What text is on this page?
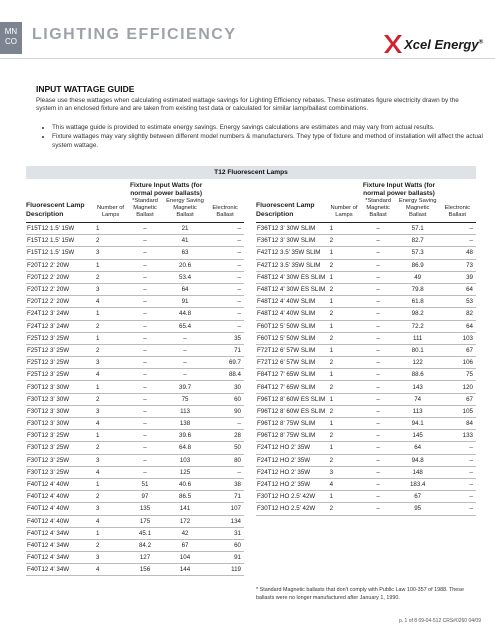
MN
CO LIGHTING EFFICIENCY
Xcel Energy®
INPUT WATTAGE GUIDE
Please use these wattages when calculating estimated wattage savings for Lighting Efficiency rebates. These estimates figure electricity drawn by the system in an enclosed fixture and are taken from existing test data or calculated for similar lamp/ballast combinations.
• This wattage guide is provided to estimate energy savings. Energy savings calculations are estimates and may vary from actual results.
• Fixture wattages may vary slightly between different model numbers & manufacturers. They type of fixture and method of installation will affect the actual system wattage.
T12 Fluorescent Lamps
		Fixture Input Watts (for normal power ballasts)		
Fluorescent Lamp Description	Number of Lamps	*Standard Magnetic Ballast	Energy Saving Magnetic Ballast	Electronic Ballast
F15T12 1.5' 15W	1	–	21	–
F15T12 1.5' 15W	2	–	41	–
F15T12 1.5' 15W	3	–	63	–
F20T12 2' 20W	1	–	20.6	–
F20T12 2' 20W	2	–	53.4	–
F20T12 2' 20W	3	–	64	–
F20T12 2' 20W	4	–	91	–
F24T12 3' 24W	1	–	44.8	–
F24T12 3' 24W	2	–	65.4	–
F25T12 3' 25W	1	–	–	35
F25T12 3' 25W	2	–	–	71
F25T12 3' 25W	3	–	–	69.7
F25T12 3' 25W	4	–	–	88.4
F30T12 3' 30W	1	–	39.7	30
F30T12 3' 30W	2	–	75	60
F30T12 3' 30W	3	–	113	90
F30T12 3' 30W	4	–	138	–
F30T12 3' 25W	1	–	39.6	28
F30T12 3' 25W	2	–	64.8	50
F30T12 3' 25W	3	–	103	80
F30T12 3' 25W	4	–	125	–
F40T12 4' 40W	1	51	40.6	38
F40T12 4' 40W	2	97	86.5	71
F40T12 4' 40W	3	135	141	107
F40T12 4' 40W	4	175	172	134
F40T12 4' 34W	1	45.1	42	31
F40T12 4' 34W	2	84.2	67	60
F40T12 4' 34W	3	127	104	91
F40T12 4' 34W	4	156	144	119
		Fixture Input Watts (for normal power ballasts)		
Fluorescent Lamp Description	Number of Lamps	*Standard Magnetic Ballast	Energy Saving Magnetic Ballast	Electronic Ballast
F36T12 3' 30W SLIM	1	–	57.1	–
F36T12 3' 30W SLIM	2	–	82.7	–
F42T12 3.5' 35W SLIM	1	–	57.3	48
F42T12 3.5' 35W SLIM	2	–	86.9	73
F48T12 4' 30W ES SLIM	1	–	49	39
F48T12 4' 30W ES SLIM	2	–	79.8	64
F48T12 4' 40W SLIM	1	–	61.8	53
F48T12 4' 40W SLIM	2	–	98.2	82
F60T12 5' 50W SLIM	1	–	72.2	64
F60T12 5' 50W SLIM	2	–	111	103
F72T12 6' 57W SLIM	1	–	80.1	67
F72T12 6' 57W SLIM	2	–	122	106
F84T12 7' 65W SLIM	1	–	88.6	75
F84T12 7' 65W SLIM	2	–	143	120
F96T12 8' 60W ES SLIM	1	–	74	67
F96T12 8' 60W ES SLIM	2	–	113	105
F96T12 8' 75W SLIM	1	–	94.1	84
F96T12 8' 75W SLIM	2	–	145	133
F24T12 HO 2' 35W	1	–	64	–
F24T12 HO 2' 35W	2	–	94.8	–
F24T12 HO 2' 35W	3	–	148	–
F24T12 HO 2' 35W	4	–	183.4	–
F30T12 HO 2.5' 42W	1	–	67	–
F30T12 HO 2.5' 42W	2	–	95	–
* Standard Magnetic ballasts that don't comply with Public Law 100-357 of 1988. These ballasts were no longer manufactured after January 1, 1990.
p. 1 of 8 09-04-512 CRS#0260 04/09
